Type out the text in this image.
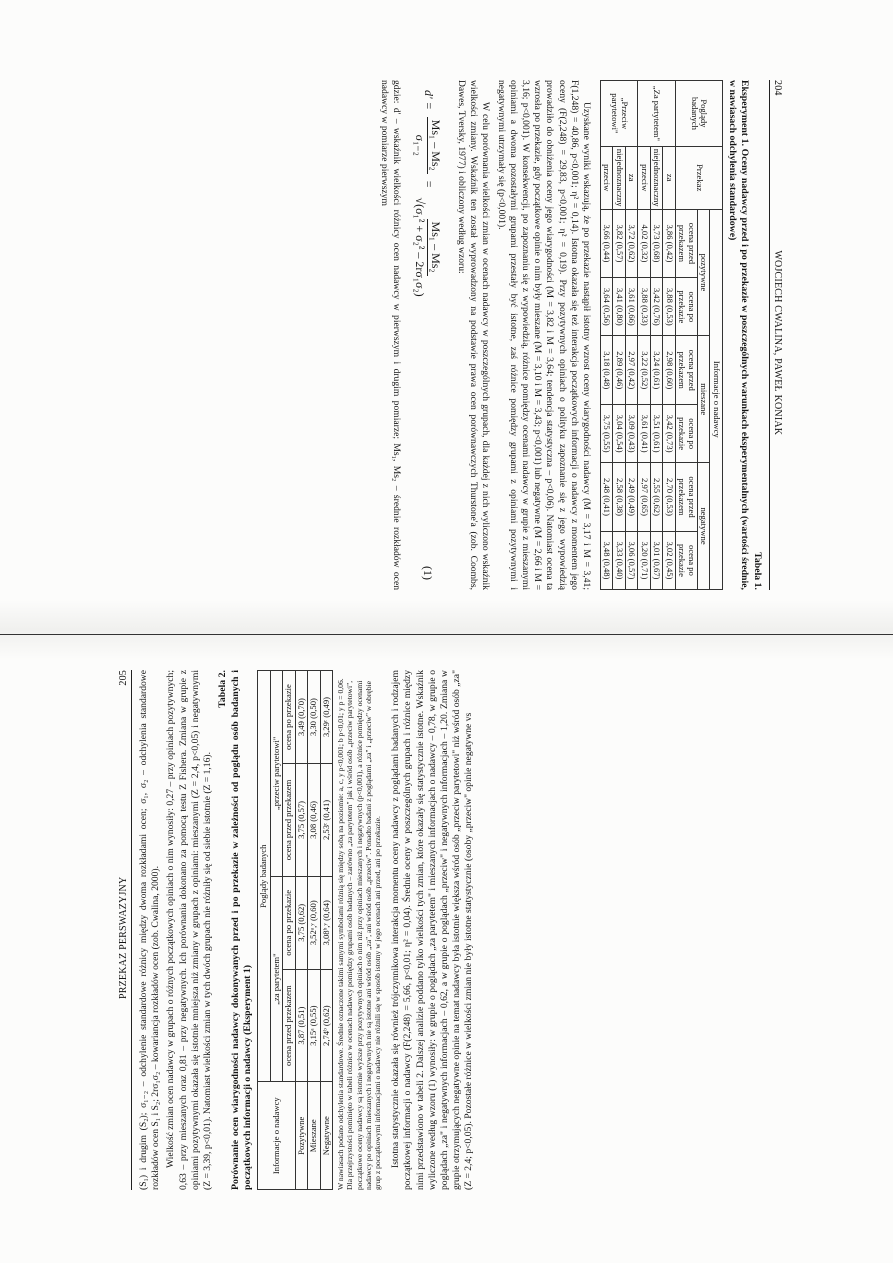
204
WOJCIECH CWALINA, PAWEŁ KONIAK
Tabela 1.
Eksperyment 1. Oceny nadawcy przed i po przekazie w poszczególnych warunkach eksperymentalnych (wartości średnie, w nawiasach odchylenia standardowe)
Poglądy badanych	Przekaz	Informacje o nadawcy					
		pozytywne		mieszane		negatywne	
		ocena przed przekazem	ocena po przekazie	ocena przed przekazem	ocena po przekazie	ocena przed przekazem	ocena po przekazie
„Za partytetem"	za	3,86 (0,42)	3,88 (0,53)	2,98 (0,60)	3,42 (0,73)	2,70 (0,53)	3,02 (0,45)
	niejednoznaczny	3,73 (0,68)	3,42 (0,76)	3,24 (0,61)	3,51 (0,61)	2,55 (0,62)	3,01 (0,67)
	przeciw	4,02 (0,32)	3,88 (0,33)	3,22 (0,52)	3,61 (0,41)	2,97 (0,65)	3,20 (0,71)
„Przeciw parytetowi"	za	3,72 (0,62)	3,61 (0,66)	2,97 (0,42)	3,09 (0,43)	2,49 (0,49)	3,06 (0,57)
	niejednoznaczny	3,82 (0,57)	3,41 (0,80)	2,89 (0,46)	3,04 (0,54)	2,58 (0,38)	3,33 (0,40)
	przeciw	3,66 (0,44)	3,64 (0,56)	3,18 (0,48)	3,75 (0,55)	2,48 (0,41)	3,48 (0,48)

Uzyskane wyniki wskazują, że po przekazie nastąpił istotny wzrost oceny wiarygodności nadawcy (M = 3,17 i M = 3,41; F(1,248) = 40,86, p<0,001; η² = 0,14). Istotna okazała się też interakcja początkowych informacji o nadawcy z momentem jego oceny (F(2,248) = 29,83, p<0,001; η² = 0,19). Przy pozytywnych opiniach o polityku zapoznanie się z jego wypowiedzią prowadziło do obniżenia oceny jego wiarygodności (M = 3,82 i M = 3,64; tendencja statystyczna – p<0,06). Natomiast ocena ta wzrosła po przekazie, gdy początkowe opinie o nim były mieszane (M = 3,10 i M = 3,43; p<0,001) lub negatywne (M = 2,66 i M = 3,16; p<0,001). W konsekwencji, po zapoznaniu się z wypowiedzią, różnice pomiędzy ocenami nadawcy w grupie z mieszanymi opiniami a dwoma pozostałymi grupami przestały być istotne, zaś różnice pomiędzy grupami z opiniami pozytywnymi i negatywnymi utrzymały się (p<0,001).

W celu porównania wielkości zmian w ocenach nadawcy w poszczególnych grupach, dla każdej z nich wyliczono wskaźnik wielkości zmiany. Wskaźnik ten został wyprowadzony na podstawie prawa ocen porównawczych Thurstone'a (zob. Coombs, Dawes, Tversky, 1977) i obliczony według wzoru:

d' =
Ms₁ – Ms₂
σ₁₋₂
=
Ms₁ – Ms₂
√(σ₁² + σ₂² – 2rσ₁σ₂)
(1)

gdzie: d' – wskaźnik wielkości różnicy ocen nadawcy w pierwszym i drugim pomiarze; Ms₁, Ms₂ – średnie rozkładów ocen nadawcy w pomiarze pierwszym

PRZEKAZ PERSWAZYJNY
205 (S₁) i drugim (S₂); σ₁₋₂ – odchylenie standardowe różnicy między dwoma rozkładami ocen; σ₁, σ₂ – odchylenia standardowe rozkładów ocen S₁ i S₂; 2rσ₁σ₂ – kowariancja rozkładów ocen (zob. Cwalina, 2000). Wielkość zmian ocen nadawcy w grupach o różnych początkowych opiniach o nim wynosiły: 0,27 – przy opiniach pozytywnych; 0,63 – przy mieszanych oraz 0,81 – przy negatywnych. Ich porównania dokonano za pomocą testu Z Fishera. Zmiana w grupie z opiniami pozytywnymi okazała się istotnie mniejsza niż zmiany w grupach z opiniami: mieszanymi (Z = 2,4, p<0,05) i negatywnymi (Z = 3,39, p<0,01). Natomiast wielkości zmian w tych dwóch grupach nie różniły się od siebie istotnie (Z = 1,16).

Tabela 2. Porównanie ocen wiarygodności nadawcy dokonywanych przed i po przekazie w zależności od poglądu osób badanych i początkowych informacji o nadawcy (Eksperyment 1) Informacje o nadawcy	Poglądy badanych			
	„za parytetem"		„przeciw parytetowi"	
	ocena przed przekazem	ocena po przekazie	ocena przed przekazem	ocena po przekazie
Pozytywne	3,87 (0,51)	3,75 (0,62)	3,75 (0,57)	3,49 (0,70)
Mieszane	3,15ᵃ (0,55)	3,52ᵃ,ʸ (0,60)	3,08 (0,46)	3,30 (0,50)
Negatywne	2,74ᵇ (0,62)	3,08ᵇ,ʸ (0,64)	2,53ᶜ (0,41)	3,29ᶜ (0,49) W nawiasach podano odchylenia standardowe. Średnie oznaczone takimi samymi symbolami różnią się między sobą na poziomie: a, c, y p<0,001; b p<0,01; y p = 0,06. Dla przejrzystości pominięto w tabeli różnice w ocenach nadawcy pomiędzy grupami osób badanych – zarówno „za parytetem" jak i wśród osób „przeciw parytetowi", początkowe oceny nadawcy są istotnie wyższe przy pozytywnych opiniach o nim niż przy opiniach mieszanych i negatywnych (p<0,001), a różnice pomiędzy ocenami nadawcy po opiniach mieszanych i negatywnych nie są istotne ani wśród osób „za", ani wśród osób „przeciw". Ponadto badani z poglądami „za" i „przeciw" w obrębie grup z początkowymi informacjami o nadawcy nie różnili się w sposób istotny w jego ocenach ani przed, ani po przekazie. Istotna statystycznie okazała się również trójczynnikowa interakcja momentu oceny nadawcy z poglądami badanych i rodzajem początkowej informacji o nadawcy (F(2,248) = 5,66, p<0,01; η² = 0,04). Średnie oceny w poszczególnych grupach i różnice między nimi przedstawiono w tabeli 2. Dalszej analizie poddano tylko wielkości tych zmian, które okazały się statystycznie istotne. Wskaźnik wyliczone według wzoru (1) wynosiły: w grupie o poglądach „za parytetem" i mieszanych informacjach o nadawcy – 0,78, w grupie o poglądach „za" i negatywnych informacjach – 0,62, a w grupie o poglądach „przeciw" i negatywnych informacjach – 1,20. Zmiana w grupie otrzymujących negatywne opinie na temat nadawcy była istotnie większa wśród osób „przeciw parytetowi" niż wśród osób „za" (Z = 2,4; p<0,05). Pozostałe różnice w wielkości zmian nie były istotne statystycznie (osoby „przeciw" opinie negatywne vs
